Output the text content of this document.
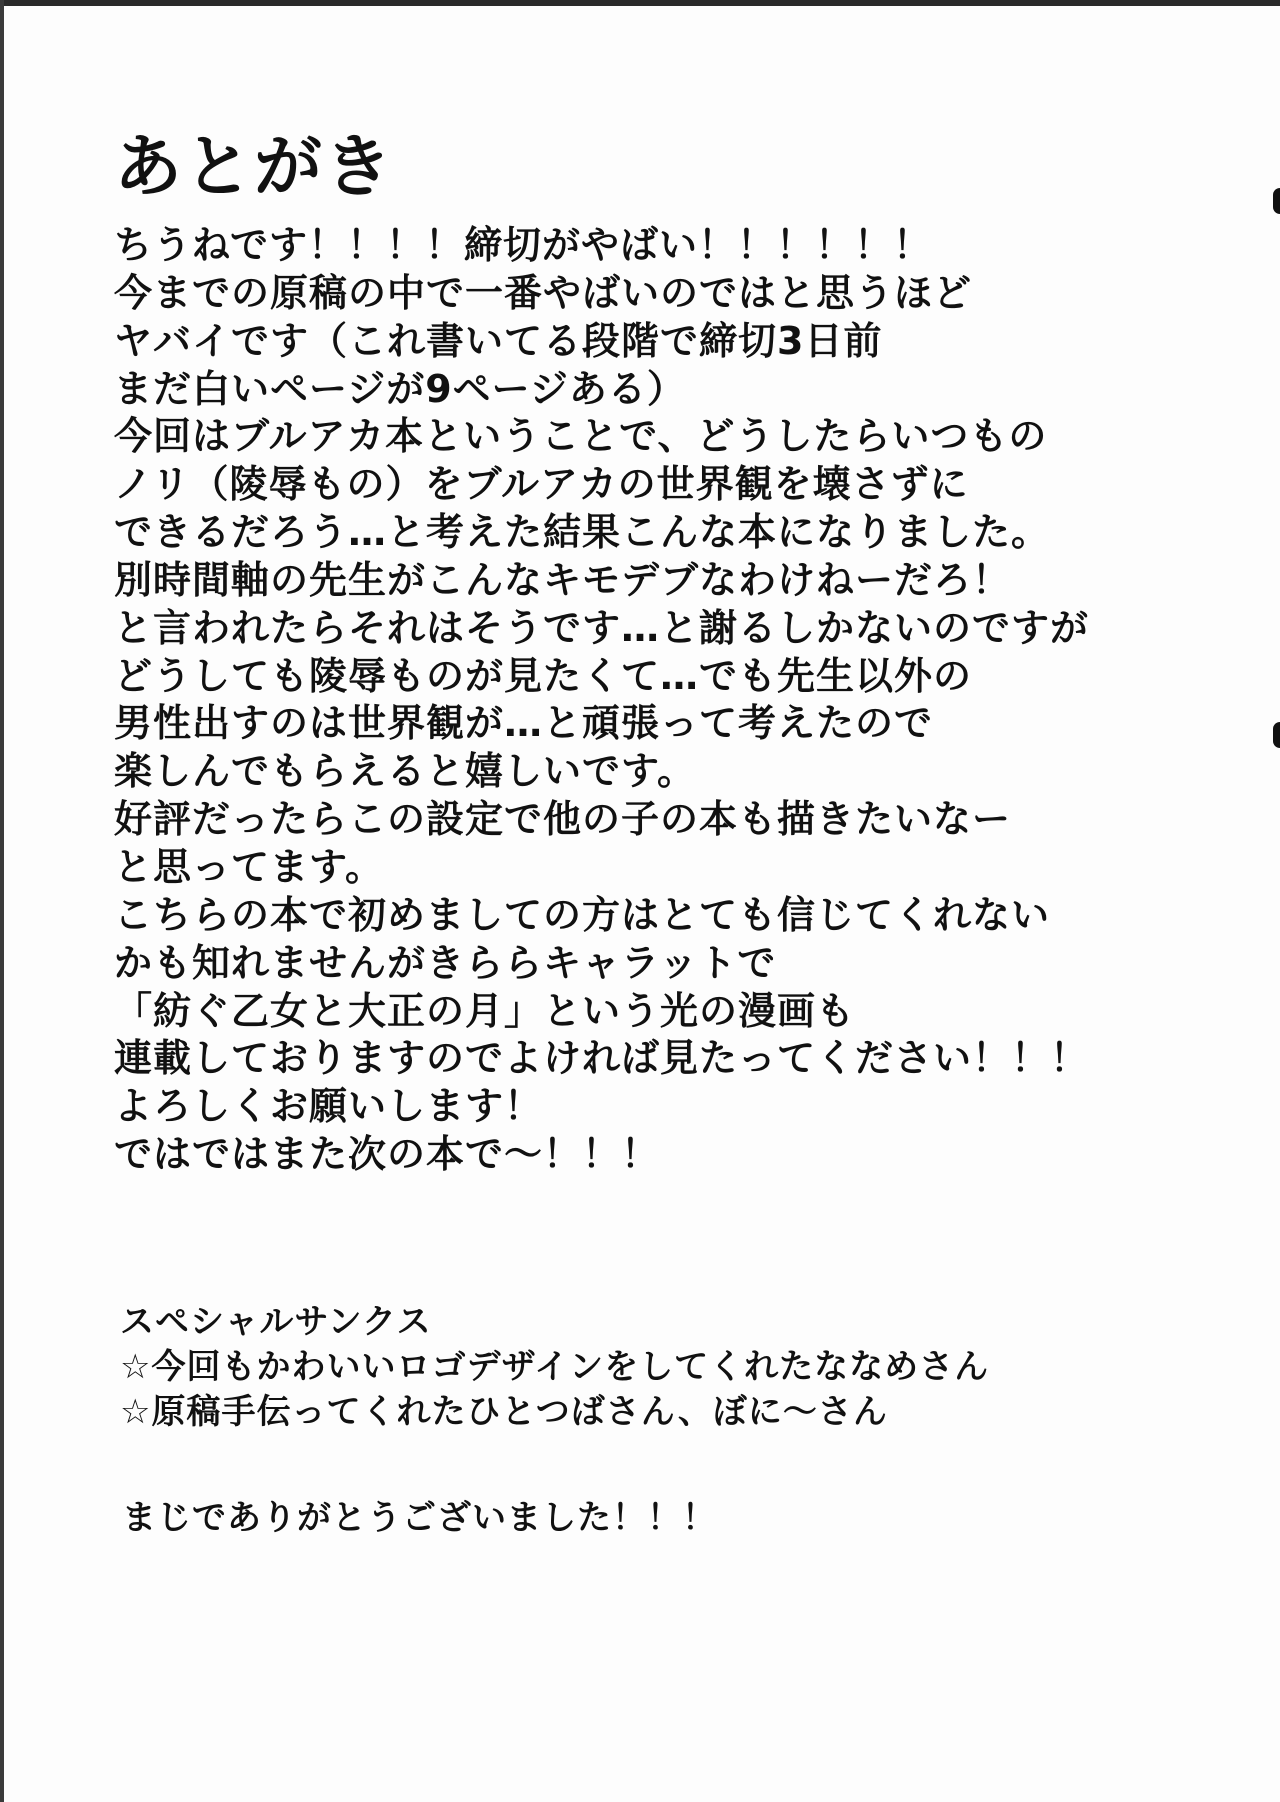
あとがき
ちうねです！！！！締切がやばい！！！！！！
今までの原稿の中で一番やばいのではと思うほど
ヤバイです（これ書いてる段階で締切3日前
まだ白いページが9ページある）
今回はブルアカ本ということで、どうしたらいつもの
ノリ（陵辱もの）をブルアカの世界観を壊さずに
できるだろう…と考えた結果こんな本になりました。
別時間軸の先生がこんなキモデブなわけねーだろ！
と言われたらそれはそうです…と謝るしかないのですが
どうしても陵辱ものが見たくて…でも先生以外の
男性出すのは世界観が…と頑張って考えたので
楽しんでもらえると嬉しいです。
好評だったらこの設定で他の子の本も描きたいなー
と思ってます。
こちらの本で初めましての方はとても信じてくれない
かも知れませんがきららキャラットで
「紡ぐ乙女と大正の月」という光の漫画も
連載しておりますのでよければ見たってください！！！
よろしくお願いします！
ではではまた次の本で〜！！！
スペシャルサンクス
☆今回もかわいいロゴデザインをしてくれたななめさん
☆原稿手伝ってくれたひとつばさん、ぼに〜さん

まじでありがとうございました！！！
